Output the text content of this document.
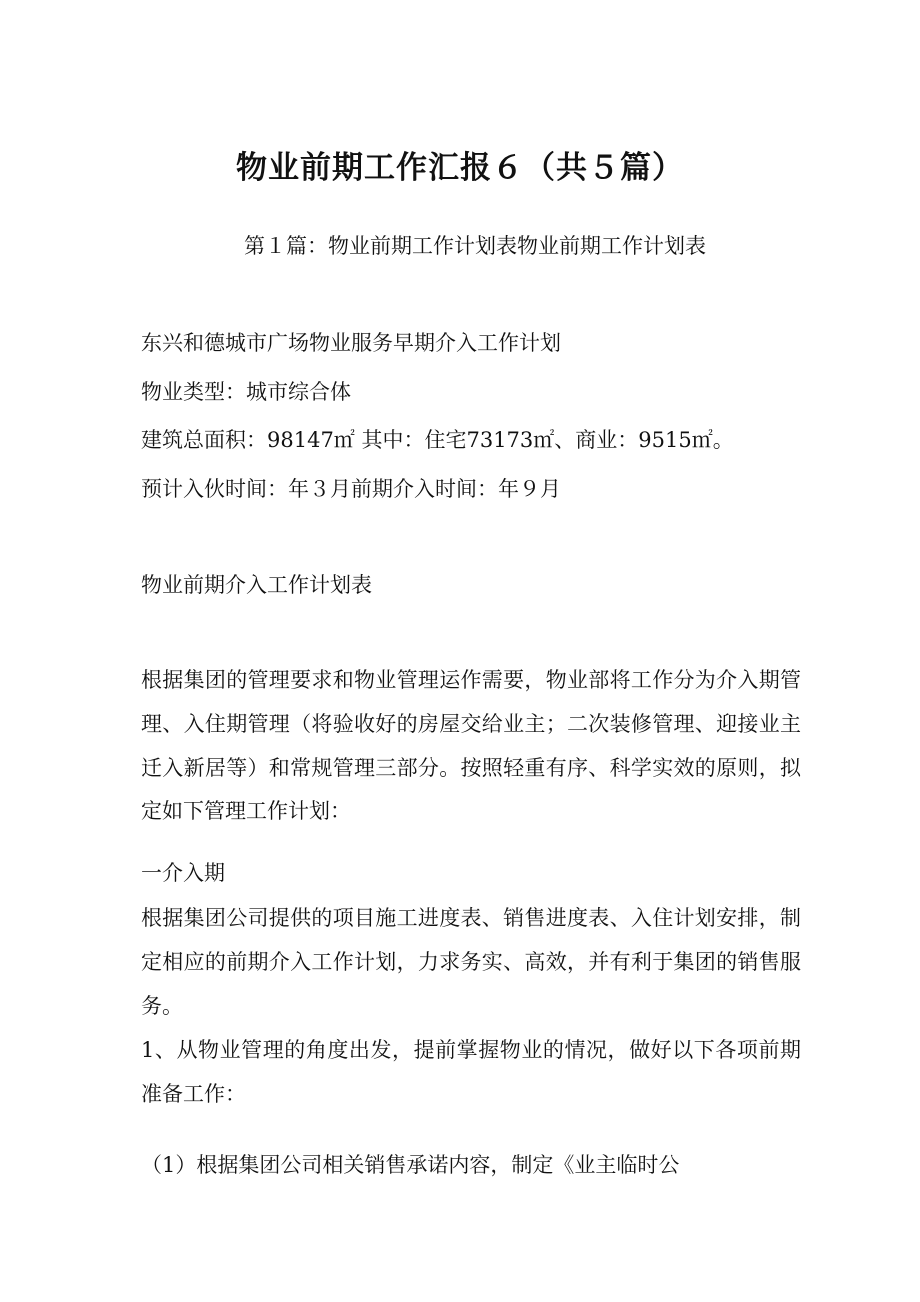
物业前期工作汇报６（共５篇）
第１篇：物业前期工作计划表物业前期工作计划表

东兴和德城市广场物业服务早期介入工作计划

物业类型：城市综合体

建筑总面积：98147㎡ 其中：住宅73173㎡、商业：9515㎡。

预计入伙时间：年３月前期介入时间：年９月

物业前期介入工作计划表

根据集团的管理要求和物业管理运作需要，物业部将工作分为介入期管理、入住期管理（将验收好的房屋交给业主；二次装修管理、迎接业主迁入新居等）和常规管理三部分。按照轻重有序、科学实效的原则，拟定如下管理工作计划：

一介入期

根据集团公司提供的项目施工进度表、销售进度表、入住计划安排，制定相应的前期介入工作计划，力求务实、高效，并有利于集团的销售服务。

1、从物业管理的角度出发，提前掌握物业的情况，做好以下各项前期准备工作：

（1）根据集团公司相关销售承诺内容，制定《业主临时公
